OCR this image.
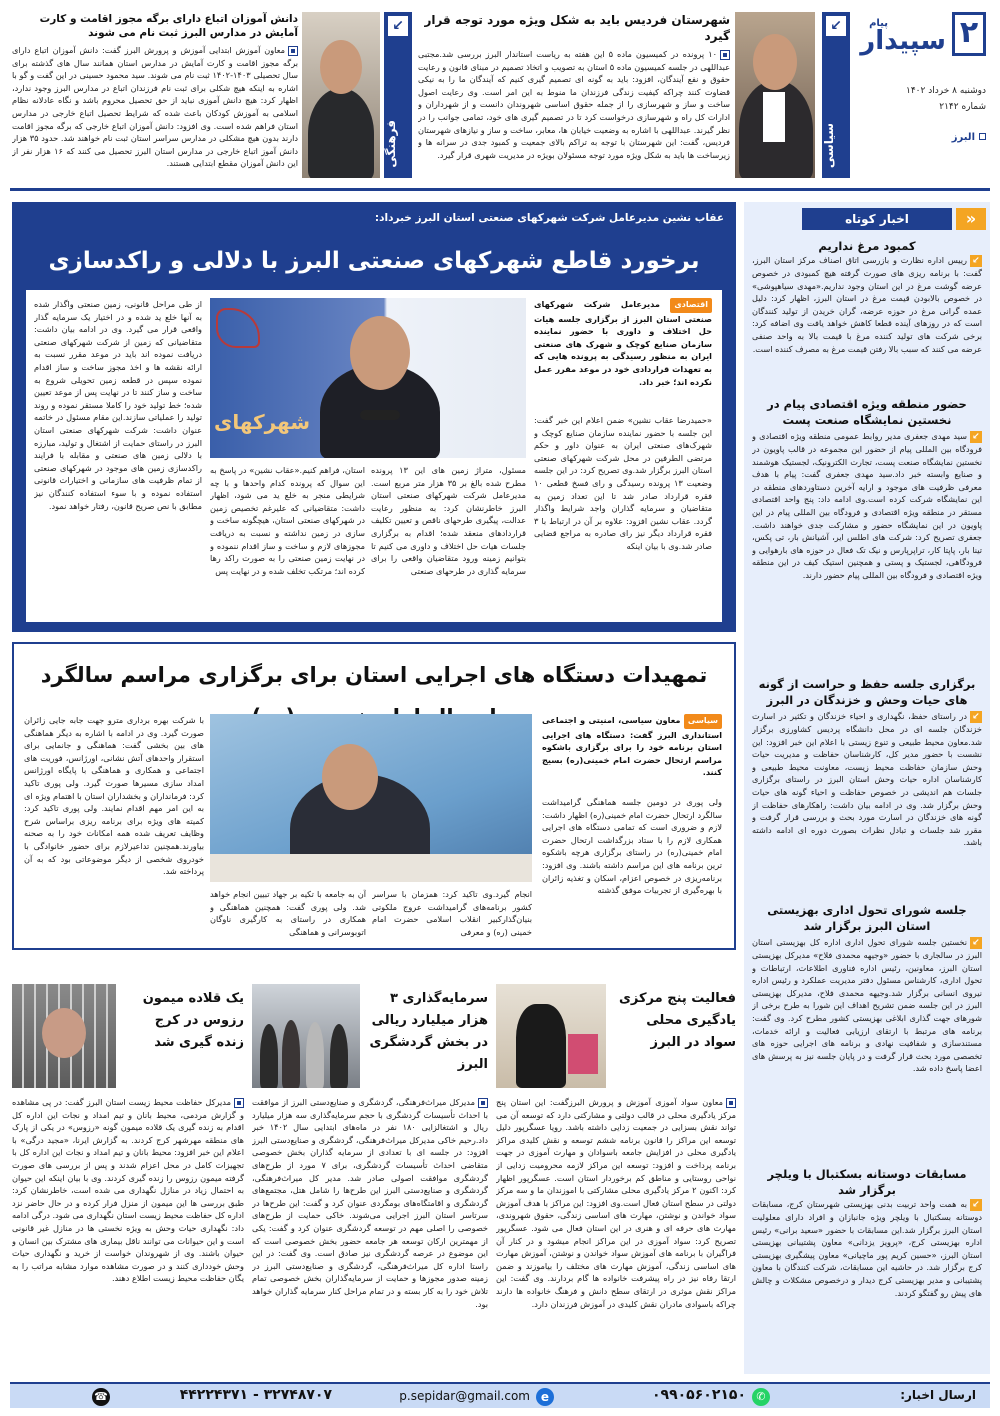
۲
پیام
سپیدار
دوشنبه ۸ خرداد ۱۴۰۲
شماره ۲۱۴۲
البرز
↙
سیاسی
↙
فرهنگی
شهرستان فردیس باید به شکل ویژه مورد توجه قرار گیرد
۱۰ پرونده در کمیسیون ماده ۵ این هفته به ریاست استاندار البرز بررسی شد.مجتبی عبداللهی در جلسه کمیسیون ماده ۵ استان به تصویب و اتخاذ تصمیم در مبنای قانون و رعایت حقوق و نفع آیندگان، افزود: باید به گونه ای تصمیم گیری کنیم که آیندگان ما را به نیکی قضاوت کنند چراکه کیفیت زندگی فرزندان ما منوط به این امر است. وی رعایت اصول ساخت و ساز و شهرسازی را از جمله حقوق اساسی شهروندان دانست و از شهرداران و ادارات کل راه و شهرسازی درخواست کرد تا در تصمیم گیری های خود، تمامی جوانب را در نظر گیرند. عبداللهی با اشاره به وضعیت خیابان ها، معابر، ساخت و ساز و نیازهای شهرستان فردیس، گفت: این شهرستان با توجه به تراکم بالای جمعیت و کمبود جدی در سرانه ها و زیرساخت ها باید به شکل ویژه مورد توجه مسئولان بویژه در مدیریت شهری قرار گیرد.
دانش آموزان اتباع دارای برگه مجوز اقامت و کارت آمایش در مدارس البرز ثبت نام می شوند
معاون آموزش ابتدایی آموزش و پرورش البرز گفت: دانش آموزان اتباع دارای برگه مجوز اقامت و کارت آمایش در مدارس استان همانند سال های گذشته برای سال تحصیلی ۱۴۰۳-۱۴۰۲ ثبت نام می شوند. سید محمود حسینی در این گفت و گو با اشاره به اینکه هیچ شکلی برای ثبت نام فرزندان اتباع در مدارس البرز وجود ندارد، اظهار کرد: هیچ دانش آموزی نباید از حق تحصیل محروم باشد و نگاه عادلانه نظام اسلامی به آموزش کودکان باعث شده که شرایط تحصیل اتباع خارجی در مدارس استان فراهم شده است. وی افزود: دانش آموزان اتباع خارجی که برگه مجوز اقامت دارند بدون هیچ مشکلی در مدارس سراسر استان ثبت نام خواهند شد. حدود ۳۵ هزار دانش آموز اتباع خارجی در مدارس استان البرز تحصیل می کنند که ۱۶ هزار نفر از این دانش آموزان مقطع ابتدایی هستند.
«
اخبار کوتاه
کمبود مرغ نداریم
↙رییس اداره نظارت و بازرسی اتاق اصناف مرکز استان البرز، گفت: با برنامه ریزی های صورت گرفته هیچ کمبودی در خصوص عرضه گوشت مرغ در این استان وجود نداریم.«مهدی سیاهپوشی» در خصوص بالابودن قیمت مرغ در استان البرز، اظهار کرد: دلیل عمده گرانی مرغ در حوزه عرضه، گران خریدن از تولید کنندگان است که در روزهای آینده قطعا کاهش خواهد یافت وی اضافه کرد: برخی شرکت های تولید کننده مرغ با قیمت بالا به واحد صنفی عرضه می کنند که سبب بالا رفتن قیمت مرغ به مصرف کننده است.
حضور منطقه ویژه اقتصادی پیام در نخستین نمایشگاه صنعت پست
↙سید مهدی جعفری مدیر روابط عمومی منطقه ویژه اقتصادی و فرودگاه بین المللی پیام از حضور این مجموعه در قالب پاویون در نخستین نمایشگاه صنعت پست، تجارت الکترونیک، لجستیک هوشمند و صنایع وابسته خبر داد.سید مهدی جعفری گفت: پیام با هدف معرفی ظرفیت های موجود و ارایه آخرین دستاوردهای منطقه در این نمایشگاه شرکت کرده است.وی ادامه داد: پنج واحد اقتصادی مستقر در منطقه ویژه اقتصادی و فرودگاه بین المللی پیام در این پاویون در این نمایشگاه حضور و مشارکت جدی خواهند داشت. جعفری تصریح کرد: شرکت های اطلس ایر، آشیانش بار، تی پکس، تینا بار، پاپتا کار، تراپرپارس و نیک تک فعال در حوزه های بارهوایی و فرودگاهی، لجستیک و پستی و همچنین استیک کیف در این منطقه ویژه اقتصادی و فرودگاه بین المللی پیام حضور دارند.
برگزاری جلسه حفظ و حراست از گونه های حیات وحش و خزندگان در البرز
↙در راستای حفظ، نگهداری و احیاء خزندگان و تکثیر در اسارت خزندگان جلسه ای در محل دانشگاه پردیس کشاورزی برگزار شد.معاون محیط طبیعی و تنوع زیستی با اعلام این خبر افزود: این نشست با حضور مدیر کل، کارشناسان حفاظت و مدیریت حیات وحش سازمان حفاظت محیط زیست، معاونت محیط طبیعی و کارشناسان اداره حیات وحش استان البرز در راستای برگزاری جلسات هم اندیشی در خصوص حفاظت و احیاء گونه های حیات وحش برگزار شد. وی در ادامه بیان داشت: راهکارهای حفاظت از گونه های خزندگان در اسارت مورد بحث و بررسی قرار گرفت و مقرر شد جلسات و تبادل نظرات بصورت دوره ای ادامه داشته باشد.
جلسه شورای تحول اداری بهزیستی استان البرز برگزار شد
↙نخستین جلسه شورای تحول اداری اداره کل بهزیستی استان البرز در سالجاری با حضور «وجیهه محمدی فلاح» مدیرکل بهزیستی استان البرز، معاونین، رئیس اداره فناوری اطلاعات، ارتباطات و تحول اداری، کارشناس مسئول دفتر مدیریت عملکرد و رئیس اداره نیروی انسانی برگزار شد.وجیهه محمدی فلاح، مدیرکل بهزیستی البرز در این جلسه ضمن تشریح اهداف این شورا به طرح برخی از شورهای جهت گذاری ابلاغی بهزیستی کشور مطرح کرد. وی گفت: برنامه های مرتبط با ارتقای ارزیابی فعالیت و ارائه خدمات، مستندسازی و شفافیت نهادی و برنامه های اجرایی حوزه های تخصصی مورد بحث قرار گرفت و در پایان جلسه نیز به پرسش های اعضا پاسخ داده شد.
مسابقات دوستانه بسکتبال با ویلچر برگزار شد
↙به همت واحد تربیت بدنی بهزیستی شهرستان کرج، مسابقات دوستانه بسکتبال با ویلچر ویژه جانبازان و افراد دارای معلولیت استان البرز برگزار شد.این مسابقات با حضور «سعید برانی» رئیس اداره بهزیستی کرج، «پرویز یزدانی» معاون پشتیبانی بهزیستی استان البرز، «حسین کریم پور ماچیانی» معاون پیشگیری بهزیستی کرج برگزار شد. در حاشیه این مسابقات، شرکت کنندگان با معاون پشتیبانی و مدیر بهزیستی کرج دیدار و درخصوص مشکلات و چالش های پیش رو گفتگو کردند.
عقاب نشین مدیرعامل شرکت شهرکهای صنعتی استان البرز خبرداد:
برخورد قاطع شهرکهای صنعتی البرز با دلالی و راکدسازی
اقتصادی مدیرعامل شرکت شهرکهای صنعتی استان البرز از برگزاری جلسه هیات حل اختلاف و داوری با حضور نماینده سازمان صنایع کوچک و شهرک های صنعتی ایران به منظور رسیدگی به پرونده هایی که به تعهدات قراردادی خود در موعد مقرر عمل نکرده اند؛ خبر داد.
«حمیدرضا عقاب نشین» ضمن اعلام این خبر گفت: این جلسه با حضور نماینده سازمان صنایع کوچک و شهرک‌های صنعتی ایران به عنوان داور و حکم مرتضی الطرفین در محل شرکت شهرکهای صنعتی استان البرز برگزار شد.وی تصریح کرد: در این جلسه وضعیت ۱۳ پرونده رسیدگی و رای فسخ قطعی ۱۰ فقره قرارداد صادر شد تا این تعداد زمین به متقاضیان و سرمایه گذاران واجد شرایط واگذار گردد. عقاب نشین افزود: علاوه بر آن در ارتباط با ۳ فقره قرارداد دیگر نیز رای صادره به مراجع قضایی صادر شد.وی با بیان اینکه
شهرکهای
مسئول، متراژ زمین های این ۱۳ پرونده مطرح شده بالغ بر ۳۵ هزار متر مربع است. مدیرعامل شرکت شهرکهای صنعتی استان البرز خاطرنشان کرد: به منظور رعایت عدالت، پیگیری طرحهای ناقص و تعیین تکلیف قراردادهای منعقد شده؛ اقدام به برگزاری جلسات هیات حل اختلاف و داوری می کنیم تا بتوانیم زمینه ورود متقاضیان واقعی را برای سرمایه گذاری در طرحهای صنعتی
استان، فراهم کنیم.«عقاب نشین» در پاسخ به این سوال که پرونده کدام واحدها و با چه شرایطی منجر به خلع ید می شود، اظهار داشت: متقاضیانی که علیرغم تخصیص زمین در شهرکهای صنعتی استان، هیچگونه ساخت و سازی در زمین نداشته و نسبت به دریافت مجوزهای لازم و ساخت و ساز اقدام ننموده و در نهایت زمین صنعتی را به صورت راکد رها کرده اند؛ مرتکب تخلف شده و در نهایت پس
از طی مراحل قانونی، زمین صنعتی واگذار شده به آنها خلع ید شده و در اختیار یک سرمایه گذار واقعی قرار می گیرد. وی در ادامه بیان داشت: متقاضیانی که زمین از شرکت شهرکهای صنعتی دریافت نموده اند باید در موعد مقرر نسبت به ارائه نقشه ها و اخذ مجوز ساخت و ساز اقدام نموده سپس در قطعه زمین تحویلی شروع به ساخت و ساز کنند تا در نهایت پس از موعد تعیین شده؛ خط تولید خود را کاملا مستقر نموده و روند تولید را عملیاتی سازند.این مقام مسئول در خاتمه عنوان داشت: شرکت شهرکهای صنعتی استان البرز در راستای حمایت از اشتغال و تولید، مبارزه با دلالی زمین های صنعتی و مقابله با فرایند راکدسازی زمین های موجود در شهرکهای صنعتی از تمام ظرفیت های سازمانی و اختیارات قانونی استفاده نموده و با سوء استفاده کنندگان نیز مطابق با نص صریح قانون، رفتار خواهد نمود.
تمهیدات دستگاه های اجرایی استان برای برگزاری مراسم سالگرد
سیاسی معاون سیاسی، امنیتی و اجتماعی استانداری البرز گفت: دستگاه های اجرایی استان برنامه خود را برای برگزاری باشکوه مراسم ارتحال حضرت امام خمینی(ره) بسیج کنند.
ولی پوری در دومین جلسه هماهنگی گرامیداشت سالگرد ارتحال حضرت امام خمینی(ره) اظهار داشت: لازم و ضروری است که تمامی دستگاه های اجرایی همکاری لازم را با ستاد بزرگداشت ارتحال حضرت امام خمینی(ره) در راستای برگزاری هرچه باشکوه ترین برنامه های این مراسم داشته باشند. وی افزود: برنامه‌ریزی در خصوص اعزام، اسکان و تغذیه زائران با بهره‌گیری از تجربیات موفق گذشته
انجام گیرد.وی تاکید کرد: همزمان با سراسر کشور برنامه‌های گرامیداشت عروج ملکوتی بنیان‌گذارکبیر انقلاب اسلامی حضرت امام خمینی (ره) و معرفی
آن به جامعه با تکیه بر جهاد تبیین انجام خواهد شد. ولی پوری گفت: همچنین هماهنگی و همکاری در راستای به کارگیری ناوگان اتوبوسرانی و هماهنگی
با شرکت بهره برداری مترو جهت جابه جایی زائران صورت گیرد. وی در ادامه با اشاره به دیگر هماهنگی های بین بخشی گفت: هماهنگی و جانمایی برای استقرار واحدهای آتش نشانی، اورژانس، فوریت های اجتماعی و همکاری و هماهنگی با پایگاه اورژانس امداد سازی مسیرها صورت گیرد. ولی پوری تاکید کرد: فرمانداران و بخشداران استان با اهتمام ویژه ای به این امر مهم اقدام نمایند. ولی پوری تاکید کرد: کمیته های ویژه برای برنامه ریزی براساس شرح وظایف تعریف شده همه امکانات خود را به صحنه بیاورند.همچنین تداعیرلازم برای حضور خانوادگی با خودروی شخصی از دیگر موضوعاتی بود که به آن پرداخته شد.
فعالیت پنج مرکزی یادگیری محلی سواد در البرز
معاون سواد آموزی آموزش و پرورش البرزگفت: این استان پنج مرکز یادگیری محلی در قالب دولتی و مشارکتی دارد که توسعه آن می تواند نقش بسزایی در جمعیت زدایی داشته باشد. رویا عسگرپور دلیل توسعه این مراکز را قانون برنامه ششم توسعه و نقش کلیدی مراکز یادگیری محلی در افزایش جامعه باسوادان و مهارت آموزی در جهت برنامه پرداخت و افزود: توسعه این مراکز لازمه محرومیت زدایی از نواحی روستایی و مناطق کم برخوردار استان است. عسگرپور اظهار کرد: اکنون ۲ مرکز یادگیری محلی مشارکتی با اموزندان ما و سه مرکز دولتی در سطح استان فعال است.وی افزود: این مراکز با هدف آموزش سواد خواندن و نوشتن، مهارت های اساسی زندگی، حقوق شهروندی، مهارت های حرفه ای و هنری در این استان فعال می شود. عسگرپور تصریح کرد: سواد آموزی در این مراکز انجام میشود و در کنار آن فراگیران با برنامه های آموزش سواد خواندن و نوشتن، آموزش مهارت های اساسی زندگی، آموزش مهارت های مختلف را بیاموزند و ضمن ارتقا رفاه نیز در راه پیشرفت خانواده ها گام بردارند. وی گفت: این مراکز نقش موثری در ارتقای سطح دانش و فرهنگ خانواده ها دارند چراکه باسوادی مادران نقش کلیدی در آموزش فرزندان دارد.
سرمایه‌گذاری ۳ هزار میلیارد ریالی در بخش گردشگری البرز
مدیرکل میراث‌فرهنگی، گردشگری و صنایع‌دستی البرز از موافقت با احداث تأسیسات گردشگری با حجم سرمایه‌گذاری سه هزار میلیارد ریال و اشتغالزایی ۱۸۰ نفر در ماه‌های ابتدایی سال ۱۴۰۲ خبر داد.رحیم خاکی مدیرکل میراث‌فرهنگی، گردشگری و صنایع‌دستی البرز افزود: در جلسه ای با تعدادی از سرمایه گذاران بخش خصوصی متقاضی احداث تأسیسات گردشگری، برای ۷ مورد از طرح‌های گردشگری موافقت اصولی صادر شد. مدیر کل میراث‌فرهنگی، گردشگری و صنایع‌دستی البرز این طرح‌ها را شامل هتل، مجتمع‌های گردشگری و اقامتگاه‌های بومگردی عنوان کرد و گفت: این طرح‌ها در سرتاسر استان البرز اجرایی می‌شوند. خاکی حمایت از طرح‌های خصوصی را اصلی مهم در توسعه گردشگری عنوان کرد و گفت: یکی از مهمترین ارکان توسعه هر جامعه حضور بخش خصوصی است که این موضوع در عرصه گردشگری نیز صادق است. وی گفت: در این راستا اداره کل میراث‌فرهنگی، گردشگری و صنایع‌دستی البرز در زمینه صدور مجوزها و حمایت از سرمایه‌گذاران بخش خصوصی تمام تلاش خود را به کار بسته و در تمام مراحل کنار سرمایه گذاران خواهد بود.
یک قلاده میمون رزوس در کرج زنده گیری شد
مدیرکل حفاظت محیط زیست استان البرز گفت: در پی مشاهده و گزارش مردمی، محیط بانان و تیم امداد و نجات این اداره کل اقدام به زنده گیری یک قلاده میمون گونه «رزوس» در یکی از پارک های منطقه مهرشهر کرج کردند. به گزارش ایرنا، «مجید درگی» با اعلام این خبر افزود: محیط بانان و تیم امداد و نجات این اداره کل با تجهیزات کامل در محل اعزام شدند و پس از بررسی های صورت گرفته میمون رزوس را زنده گیری کردند. وی با بیان اینکه این حیوان به احتمال زیاد در منازل نگهداری می شده است، خاطرنشان کرد: طبق بررسی ها این میمون از منزل فرار کرده و در حال حاضر نزد اداره کل حفاظت محیط زیست استان نگهداری می شود. درگی ادامه داد: نگهداری حیات وحش به ویژه نخستی ها در منازل غیر قانونی است و این حیوانات می توانند ناقل بیماری های مشترک بین انسان و حیوان باشند. وی از شهروندان خواست از خرید و نگهداری حیات وحش خودداری کنند و در صورت مشاهده موارد مشابه مراتب را به یگان حفاظت محیط زیست اطلاع دهند.
ارسال اخبار:
✆
۰۹۹۰۵۶۰۲۱۵۰
e
p.sepidar@gmail.com
☎	۳۲۷۴۸۷۰۷ - ۴۴۲۲۴۳۷۱
